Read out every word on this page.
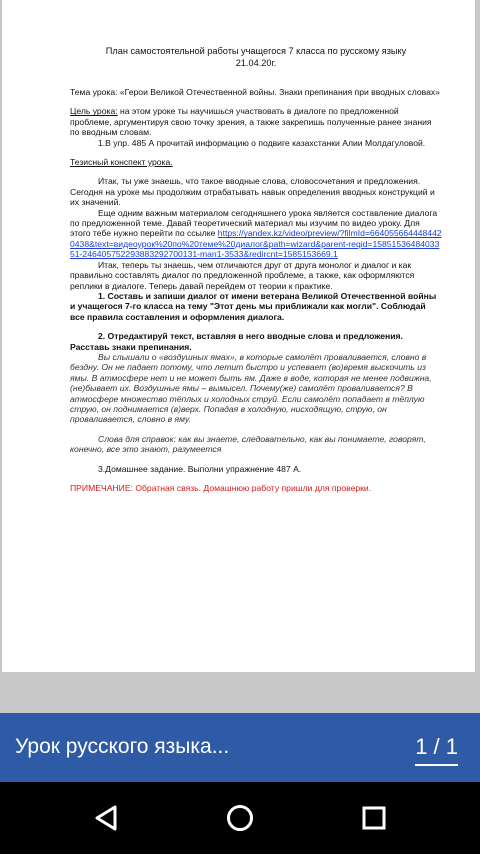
План самостоятельной работы учащегося 7 класса по русскому языку
21.04.20г.

Тема урока: «Герои Великой Отечественной войны. Знаки препинания при вводных словах»

Цель урока: на этом уроке ты научишься участвовать в диалоге по предложенной проблеме, аргументируя свою точку зрения, а также закрепишь полученные ранее знания по вводным словам.

1.В упр. 485 А прочитай информацию о подвиге казахстанки Алии Молдагуловой.

Тезисный конспект урока.

Итак, ты уже знаешь, что такое вводные слова, словосочетания и предложения. Сегодня на уроке мы продолжим отрабатывать навык определения вводных конструкций и их значений.

Еще одним важным материалом сегодняшнего урока является составление диалога по предложенной теме. Давай теоретический материал мы изучим по видео уроку. Для этого тебе нужно перейти по ссылке https://yandex.kz/video/preview/?filmId=6640556644484420438&text=видеоурок%20по%20теме%20диалог&path=wizard&parent-reqid=1585153648403351-246405752293883292700131-man1-3533&redircnt=1585153669.1

Итак, теперь ты знаешь, чем отличаются друг от друга монолог и диалог и как правильно составлять диалог по предложенной проблеме, а также, как оформляются реплики в диалоге. Теперь давай перейдем от теории к практике.

1. Составь и запиши диалог от имени ветерана Великой Отечественной войны и учащегося 7-го класса на тему "Этот день мы приближали как могли". Соблюдай все правила составления и оформления диалога.

2. Отредактируй текст, вставляя в него вводные слова и предложения. Расставь знаки препинания.

Вы слышали о «воздушных ямах», в которые самолёт проваливается, словно в бездну. Он не падает потому, что летит быстро и успевает (во)время выскочить из ямы. В атмосфере нет и не может быть ям. Даже в воде, которая не менее подвижна, (не)бывает их. Воздушные ямы – вымысел. Почему(же) самолёт проваливается? В атмосфере множество тёплых и холодных струй. Если самолёт попадает в тёплую струю, он поднимается (в)верх. Попадая в холодную, нисходящую, струю, он проваливается, словно в яму.

Слова для справок: как вы знаете, следовательно, как вы понимаете, говорят, конечно, все это знают, разумеется

3.Домашнее задание. Выполни упражнение 487 А.

ПРИМЕЧАНИЕ: Обратная связь. Домашнюю работу пришли для проверки.

Урок русского языка...	1 / 1
